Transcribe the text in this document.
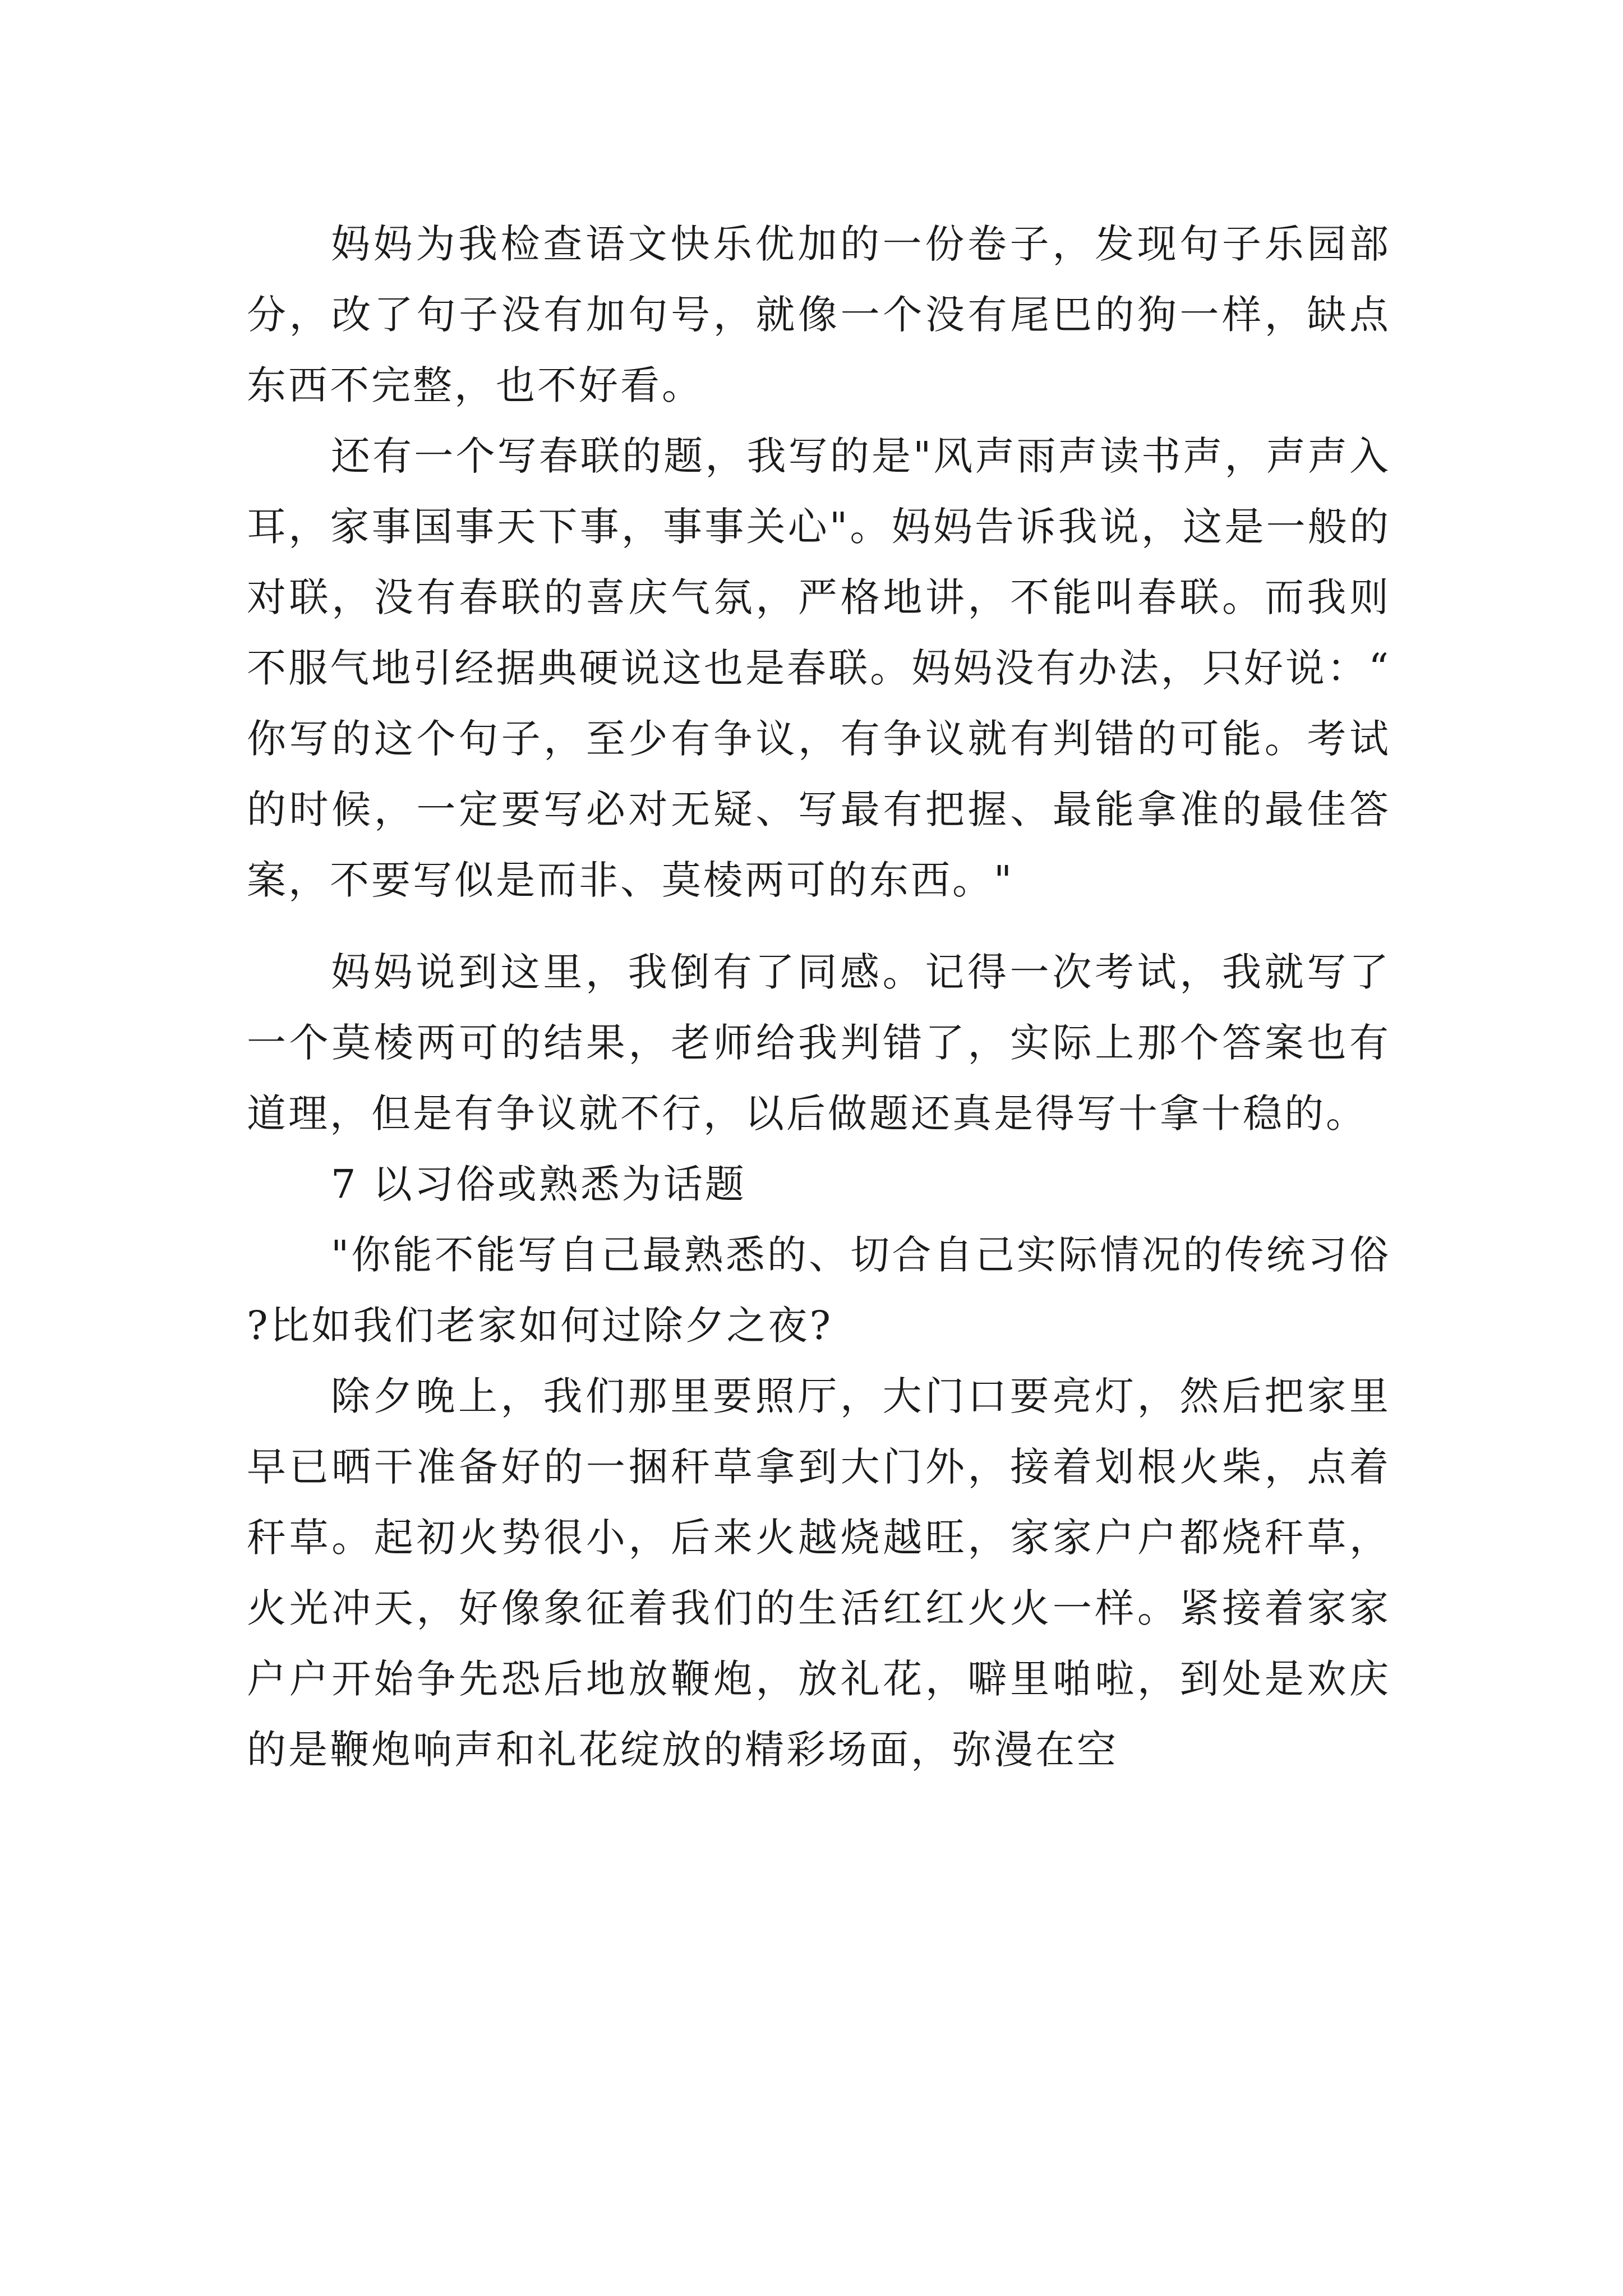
妈妈为我检查语文快乐优加的一份卷子，发现句子乐园部分，改了句子没有加句号，就像一个没有尾巴的狗一样，缺点东西不完整，也不好看。

还有一个写春联的题，我写的是"风声雨声读书声，声声入耳，家事国事天下事，事事关心"。妈妈告诉我说，这是一般的对联，没有春联的喜庆气氛，严格地讲，不能叫春联。而我则不服气地引经据典硬说这也是春联。妈妈没有办法，只好说：“你写的这个句子，至少有争议，有争议就有判错的可能。考试的时候，一定要写必对无疑、写最有把握、最能拿准的最佳答案，不要写似是而非、莫棱两可的东西。"

妈妈说到这里，我倒有了同感。记得一次考试，我就写了一个莫棱两可的结果，老师给我判错了，实际上那个答案也有道理，但是有争议就不行，以后做题还真是得写十拿十稳的。

7 以习俗或熟悉为话题

"你能不能写自己最熟悉的、切合自己实际情况的传统习俗?比如我们老家如何过除夕之夜?

除夕晚上，我们那里要照厅，大门口要亮灯，然后把家里早已晒干准备好的一捆秆草拿到大门外，接着划根火柴，点着秆草。起初火势很小，后来火越烧越旺，家家户户都烧秆草，火光冲天，好像象征着我们的生活红红火火一样。紧接着家家户户开始争先恐后地放鞭炮，放礼花，噼里啪啦，到处是欢庆的是鞭炮响声和礼花绽放的精彩场面，弥漫在空
